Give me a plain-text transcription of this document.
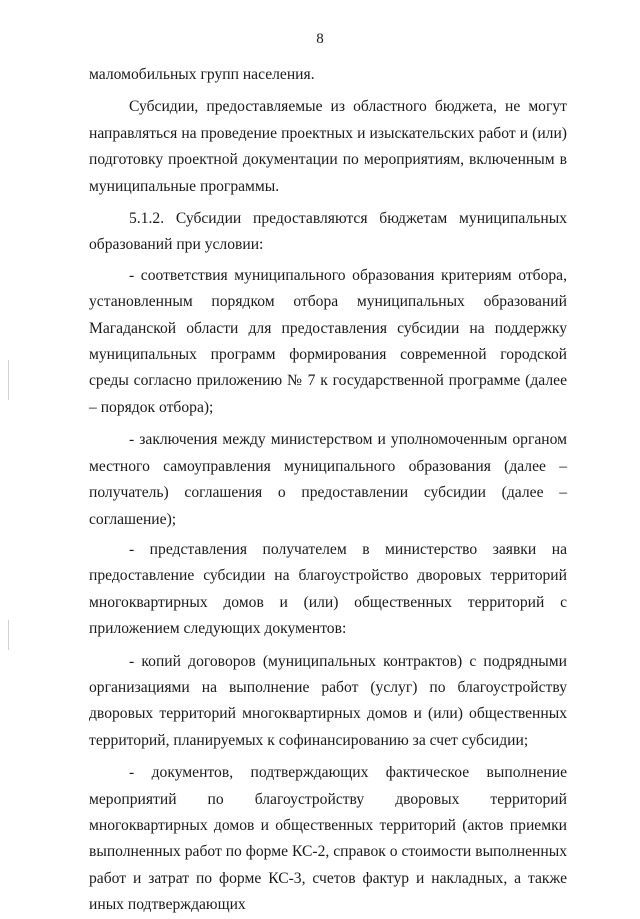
8

маломобильных групп населения.

Субсидии, предоставляемые из областного бюджета, не могут направляться на проведение проектных и изыскательских работ и (или) подготовку проектной документации по мероприятиям, включенным в муниципальные программы.

5.1.2. Субсидии предоставляются бюджетам муниципальных образований при условии:

- соответствия муниципального образования критериям отбора, установленным порядком отбора муниципальных образований Магаданской области для предоставления субсидии на поддержку муниципальных программ формирования современной городской среды согласно приложению № 7 к государственной программе (далее – порядок отбора);

- заключения между министерством и уполномоченным органом местного самоуправления муниципального образования (далее – получатель) соглашения о предоставлении субсидии (далее – соглашение);

- представления получателем в министерство заявки на предоставление субсидии на благоустройство дворовых территорий многоквартирных домов и (или) общественных территорий с приложением следующих документов:

- копий договоров (муниципальных контрактов) с подрядными организациями на выполнение работ (услуг) по благоустройству дворовых территорий многоквартирных домов и (или) общественных территорий, планируемых к софинансированию за счет субсидии;

- документов, подтверждающих фактическое выполнение мероприятий по благоустройству дворовых территорий многоквартирных домов и общественных территорий (актов приемки выполненных работ по форме КС-2, справок о стоимости выполненных работ и затрат по форме КС-3, счетов фактур и накладных, а также иных подтверждающих
